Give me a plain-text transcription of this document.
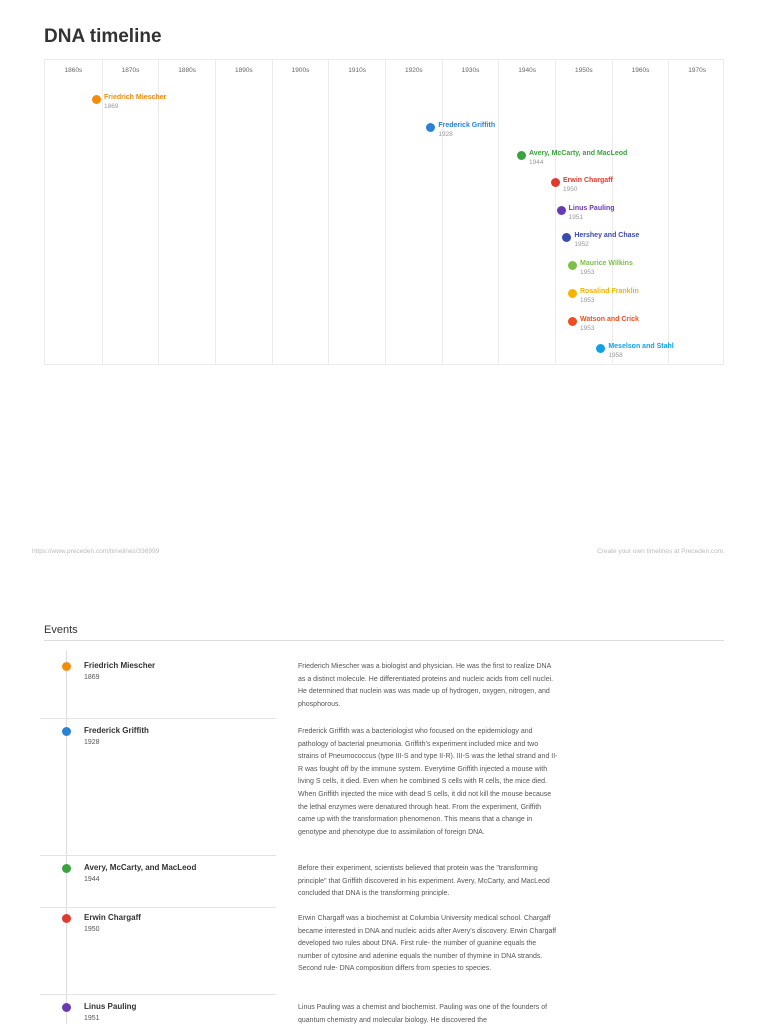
DNA timeline
1860s	1870s	1880s	1890s	1900s	1910s	1920s	1930s	1940s	1950s	1960s	1970s
Friedrich Miescher
1869
Frederick Griffith
1928
Avery, McCarty, and MacLeod
1944
Erwin Chargaff
1950
Linus Pauling
1951
Hershey and Chase
1952
Maurice Wilkins
1953
Rosalind Franklin
1953
Watson and Crick
1953
Meselson and Stahl
1958
https://www.preceden.com/timelines/336999	Create your own timelines at Preceden.com.
Events
Friedrich Miescher
1869

Friederich Miescher was a biologist and physician. He was the first to realize DNA as a distinct molecule. He differentiated proteins and nucleic acids from cell nuclei. He determined that nuclein was was made up of hydrogen, oxygen, nitrogen, and phosphorous.

Frederick Griffith
1928

Frederick Griffith was a bacteriologist who focused on the epidemiology and pathology of bacterial pneumonia. Griffith's experiment included mice and two strains of Pneumococcus (type III-S and type II-R). III-S was the lethal strand and II-R was fought off by the immune system. Everytime Griffith injected a mouse with living S cells, it died. Even when he combined S cells with R cells, the mice died. When Griffith injected the mice with dead S cells, it did not kill the mouse because the lethal enzymes were denatured through heat. From the experiment, Griffith came up with the transformation phenomenon. This means that a change in genotype and phenotype due to assimilation of foreign DNA.

Avery, McCarty, and MacLeod
1944

Before their experiment, scientists believed that protein was the "transforming principle" that Griffith discovered in his experiment. Avery, McCarty, and MacLeod concluded that DNA is the transforming principle.

Erwin Chargaff
1950

Erwin Chargaff was a biochemist at Columbia University medical school. Chargaff became interested in DNA and nucleic acids after Avery's discovery. Erwin Chargaff developed two rules about DNA. First rule- the number of guanine equals the number of cytosine and adenine equals the number of thymine in DNA strands. Second rule- DNA composition differs from species to species.

Linus Pauling
1951

Linus Pauling was a chemist and biochemist. Pauling was one of the founders of quantum chemistry and molecular biology. He discovered the
